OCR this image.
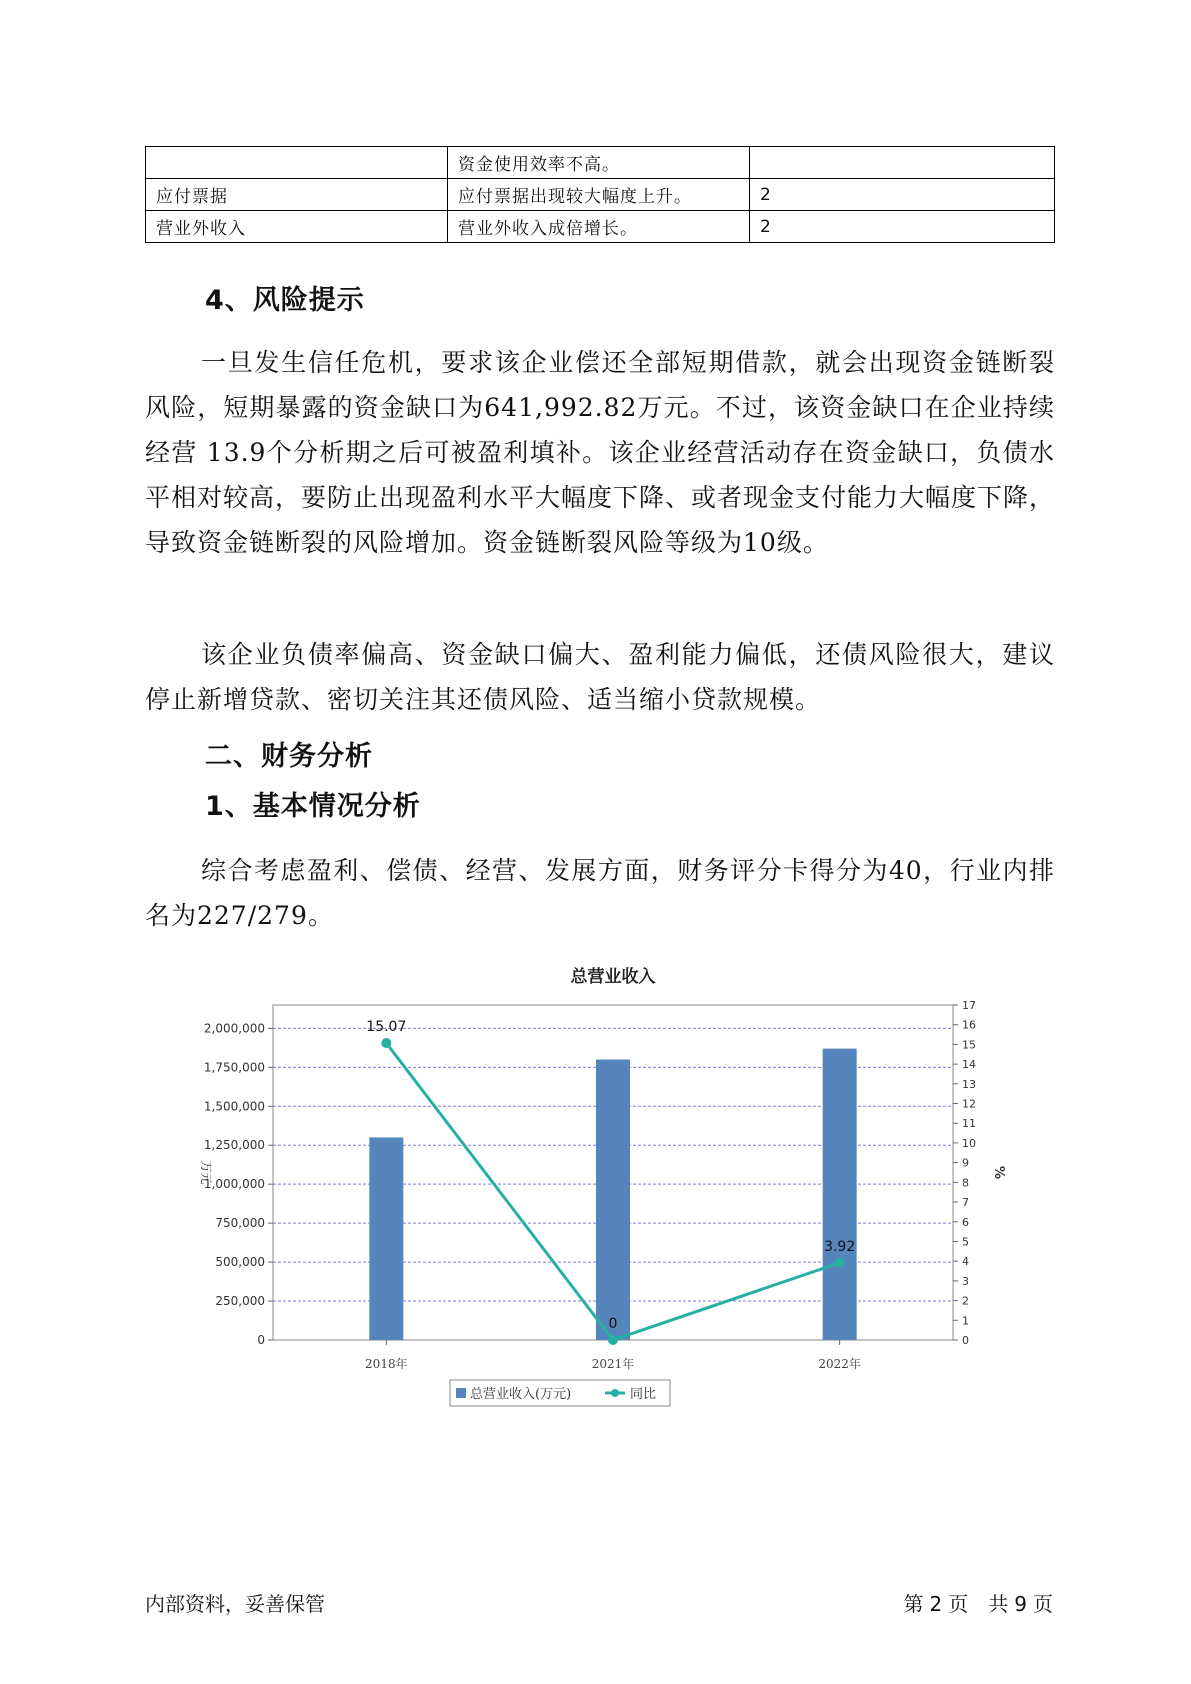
	资金使用效率不高。	
应付票据	应付票据出现较大幅度上升。	2
营业外收入	营业外收入成倍增长。	2
4、风险提示

一旦发生信任危机，要求该企业偿还全部短期借款，就会出现资金链断裂风险，短期暴露的资金缺口为641,992.82万元。不过，该资金缺口在企业持续经营 13.9个分析期之后可被盈利填补。该企业经营活动存在资金缺口，负债水平相对较高，要防止出现盈利水平大幅度下降、或者现金支付能力大幅度下降，导致资金链断裂的风险增加。资金链断裂风险等级为10级。

该企业负债率偏高、资金缺口偏大、盈利能力偏低，还债风险很大，建议停止新增贷款、密切关注其还债风险、适当缩小贷款规模。

二、财务分析
1、基本情况分析

综合考虑盈利、偿债、经营、发展方面，财务评分卡得分为40，行业内排名为227/279。

总营业收入
0
250,000
500,000
750,000
1,000,000
1,250,000
1,500,000
1,750,000
2,000,000
0
1
2
3
4
5
6
7
8
9
10
11
12
13
14
15
16
17
万元	%
2018年	2021年	2022年
15.07
0
3.92
总营业收入(万元)	同比
内部资料，妥善保管	第 2 页　共 9 页
